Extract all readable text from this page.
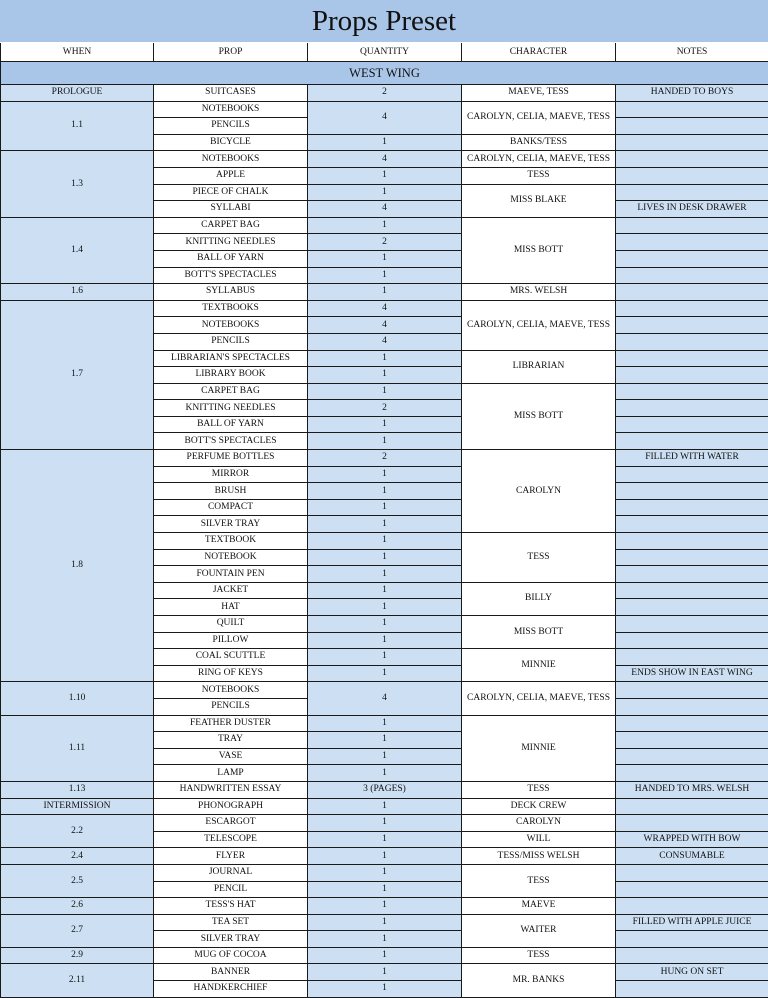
Props Preset
WHEN	PROP	QUANTITY	CHARACTER	NOTES
WEST WING				
PROLOGUE	SUITCASES	2	MAEVE, TESS	HANDED TO BOYS
1.1	NOTEBOOKS	4	CAROLYN, CELIA, MAEVE, TESS	
	PENCILS			
	BICYCLE	1	BANKS/TESS	
1.3	NOTEBOOKS	4	CAROLYN, CELIA, MAEVE, TESS	
	APPLE	1	TESS	
	PIECE OF CHALK	1	MISS BLAKE	
	SYLLABI	4		LIVES IN DESK DRAWER
1.4	CARPET BAG	1	MISS BOTT	
	KNITTING NEEDLES	2		
	BALL OF YARN	1		
	BOTT'S SPECTACLES	1		
1.6	SYLLABUS	1	MRS. WELSH	
1.7	TEXTBOOKS	4	CAROLYN, CELIA, MAEVE, TESS	
	NOTEBOOKS	4		
	PENCILS	4		
	LIBRARIAN'S SPECTACLES	1	LIBRARIAN	
	LIBRARY BOOK	1		
	CARPET BAG	1	MISS BOTT	
	KNITTING NEEDLES	2		
	BALL OF YARN	1		
	BOTT'S SPECTACLES	1		
1.8	PERFUME BOTTLES	2	CAROLYN	FILLED WITH WATER
	MIRROR	1		
	BRUSH	1		
	COMPACT	1		
	SILVER TRAY	1		
	TEXTBOOK	1	TESS	
	NOTEBOOK	1		
	FOUNTAIN PEN	1		
	JACKET	1	BILLY	
	HAT	1		
	QUILT	1	MISS BOTT	
	PILLOW	1		
	COAL SCUTTLE	1	MINNIE	
	RING OF KEYS	1		ENDS SHOW IN EAST WING
1.10	NOTEBOOKS	4	CAROLYN, CELIA, MAEVE, TESS	
	PENCILS			
1.11	FEATHER DUSTER	1	MINNIE	
	TRAY	1		
	VASE	1		
	LAMP	1		
1.13	HANDWRITTEN ESSAY	3 (PAGES)	TESS	HANDED TO MRS. WELSH
INTERMISSION	PHONOGRAPH	1	DECK CREW	
2.2	ESCARGOT	1	CAROLYN	
	TELESCOPE	1	WILL	WRAPPED WITH BOW
2.4	FLYER	1	TESS/MISS WELSH	CONSUMABLE
2.5	JOURNAL	1	TESS	
	PENCIL	1		
2.6	TESS'S HAT	1	MAEVE	
2.7	TEA SET	1	WAITER	FILLED WITH APPLE JUICE
	SILVER TRAY	1		
2.9	MUG OF COCOA	1	TESS	
2.11	BANNER	1	MR. BANKS	HUNG ON SET
	HANDKERCHIEF	1		
